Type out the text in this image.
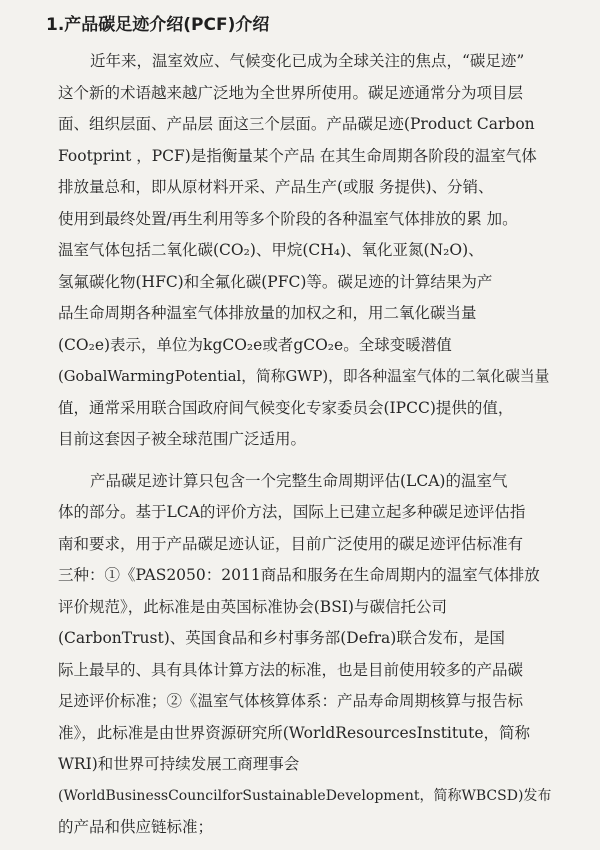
1.产品碳足迹介绍(PCF)介绍

近年来，温室效应、气候变化已成为全球关注的焦点，“碳足迹”
这个新的术语越来越广泛地为全世界所使用。碳足迹通常分为项目层
面、组织层面、产品层 面这三个层面。产品碳足迹(Product Carbon
Footprint ，PCF)是指衡量某个产品 在其生命周期各阶段的温室气体
排放量总和，即从原材料开采、产品生产(或服 务提供)、分销、
使用到最终处置/再生利用等多个阶段的各种温室气体排放的累 加。
温室气体包括二氧化碳(CO₂)、甲烷(CH₄)、氧化亚氮(N₂O)、
氢氟碳化物(HFC)和全氟化碳(PFC)等。碳足迹的计算结果为产
品生命周期各种温室气体排放量的加权之和，用二氧化碳当量
(CO₂e)表示，单位为kgCO₂e或者gCO₂e。全球变暖潜值
(GobalWarmingPotential，简称GWP)，即各种温室气体的二氧化碳当量
值，通常采用联合国政府间气候变化专家委员会(IPCC)提供的值，
目前这套因子被全球范围广泛适用。

产品碳足迹计算只包含一个完整生命周期评估(LCA)的温室气
体的部分。基于LCA的评价方法，国际上已建立起多种碳足迹评估指
南和要求，用于产品碳足迹认证，目前广泛使用的碳足迹评估标准有
三种：①《PAS2050：2011商品和服务在生命周期内的温室气体排放
评价规范》，此标准是由英国标准协会(BSI)与碳信托公司
(CarbonTrust)、英国食品和乡村事务部(Defra)联合发布，是国
际上最早的、具有具体计算方法的标准，也是目前使用较多的产品碳
足迹评价标准；②《温室气体核算体系：产品寿命周期核算与报告标
准》，此标准是由世界资源研究所(WorldResourcesInstitute，简称
WRI)和世界可持续发展工商理事会
(WorldBusinessCouncilforSustainableDevelopment，简称WBCSD)发布
的产品和供应链标准；
